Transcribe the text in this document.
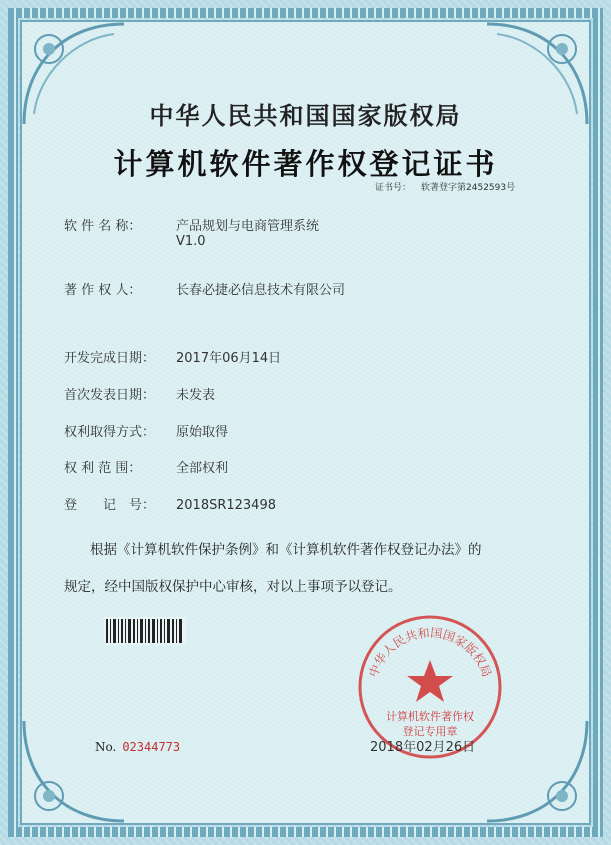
中华人民共和国国家版权局
计算机软件著作权登记证书
证书号： 软著登字第2452593号
软 件 名 称：	产品规划与电商管理系统
V1.0
著 作 权 人：	长春必捷必信息技术有限公司
开发完成日期： 2017年06月14日
首次发表日期： 未发表
权利取得方式： 原始取得
权 利 范 围：	全部权利
登　　记　号： 2018SR123498
根据《计算机软件保护条例》和《计算机软件著作权登记办法》的
规定，经中国版权保护中心审核，对以上事项予以登记。
中华人民共和国国家版权局
计算机软件著作权
登记专用章
No. 02344773	2018年02月26日
